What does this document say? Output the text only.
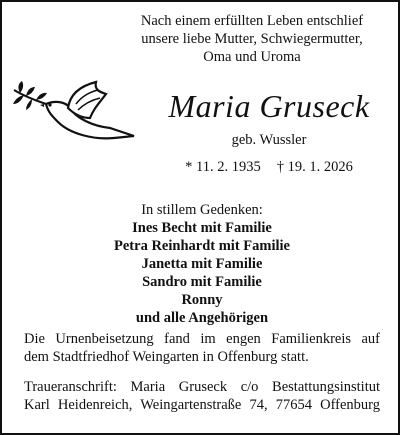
Nach einem erfüllten Leben entschlief
unsere liebe Mutter, Schwiegermutter,
Oma und Uroma
Maria Gruseck
geb. Wussler
* 11. 2. 1935 † 19. 1. 2026
In stillem Gedenken:
Ines Becht mit Familie
Petra Reinhardt mit Familie
Janetta mit Familie
Sandro mit Familie
Ronny
und alle Angehörigen
Die Urnenbeisetzung fand im engen Familienkreis auf
dem Stadtfriedhof Weingarten in Offenburg statt.
Traueranschrift: Maria Gruseck c/o Bestattungsinstitut
Karl Heidenreich, Weingartenstraße 74, 77654 Offenburg
